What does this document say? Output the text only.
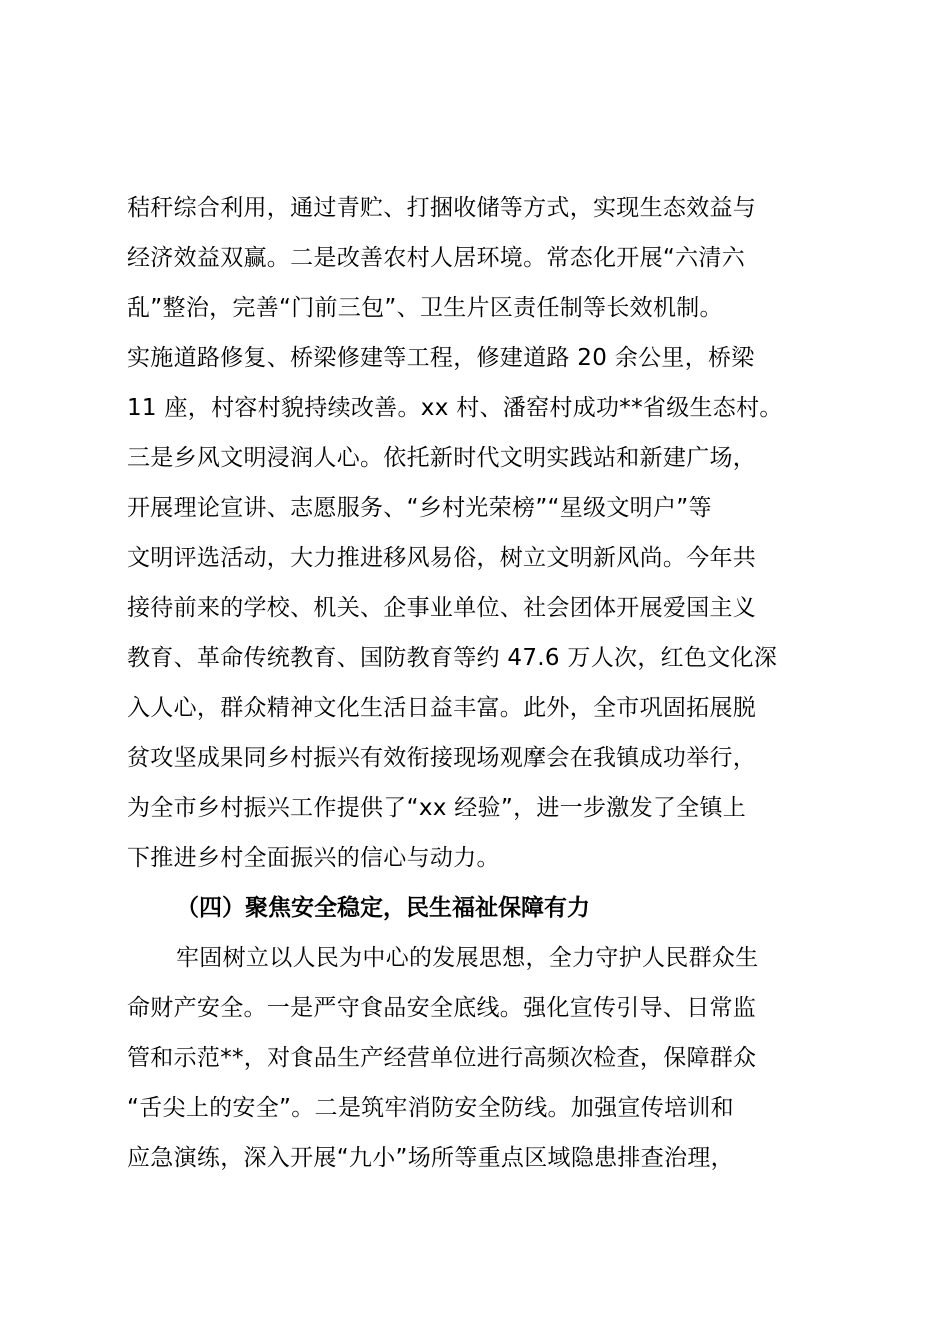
秸秆综合利用，通过青贮、打捆收储等方式，实现生态效益与
经济效益双赢。二是改善农村人居环境。常态化开展“六清六
乱”整治，完善“门前三包”、卫生片区责任制等长效机制。
实施道路修复、桥梁修建等工程，修建道路 20 余公里，桥梁
11 座，村容村貌持续改善。xx 村、潘窑村成功**省级生态村。
三是乡风文明浸润人心。依托新时代文明实践站和新建广场，
开展理论宣讲、志愿服务、“乡村光荣榜”“星级文明户”等
文明评选活动，大力推进移风易俗，树立文明新风尚。今年共
接待前来的学校、机关、企事业单位、社会团体开展爱国主义
教育、革命传统教育、国防教育等约 47.6 万人次，红色文化深
入人心，群众精神文化生活日益丰富。此外，全市巩固拓展脱
贫攻坚成果同乡村振兴有效衔接现场观摩会在我镇成功举行，
为全市乡村振兴工作提供了“xx 经验”，进一步激发了全镇上
下推进乡村全面振兴的信心与动力。
（四）聚焦安全稳定，民生福祉保障有力
牢固树立以人民为中心的发展思想，全力守护人民群众生
命财产安全。一是严守食品安全底线。强化宣传引导、日常监
管和示范**，对食品生产经营单位进行高频次检查，保障群众
“舌尖上的安全”。二是筑牢消防安全防线。加强宣传培训和
应急演练，深入开展“九小”场所等重点区域隐患排查治理，
